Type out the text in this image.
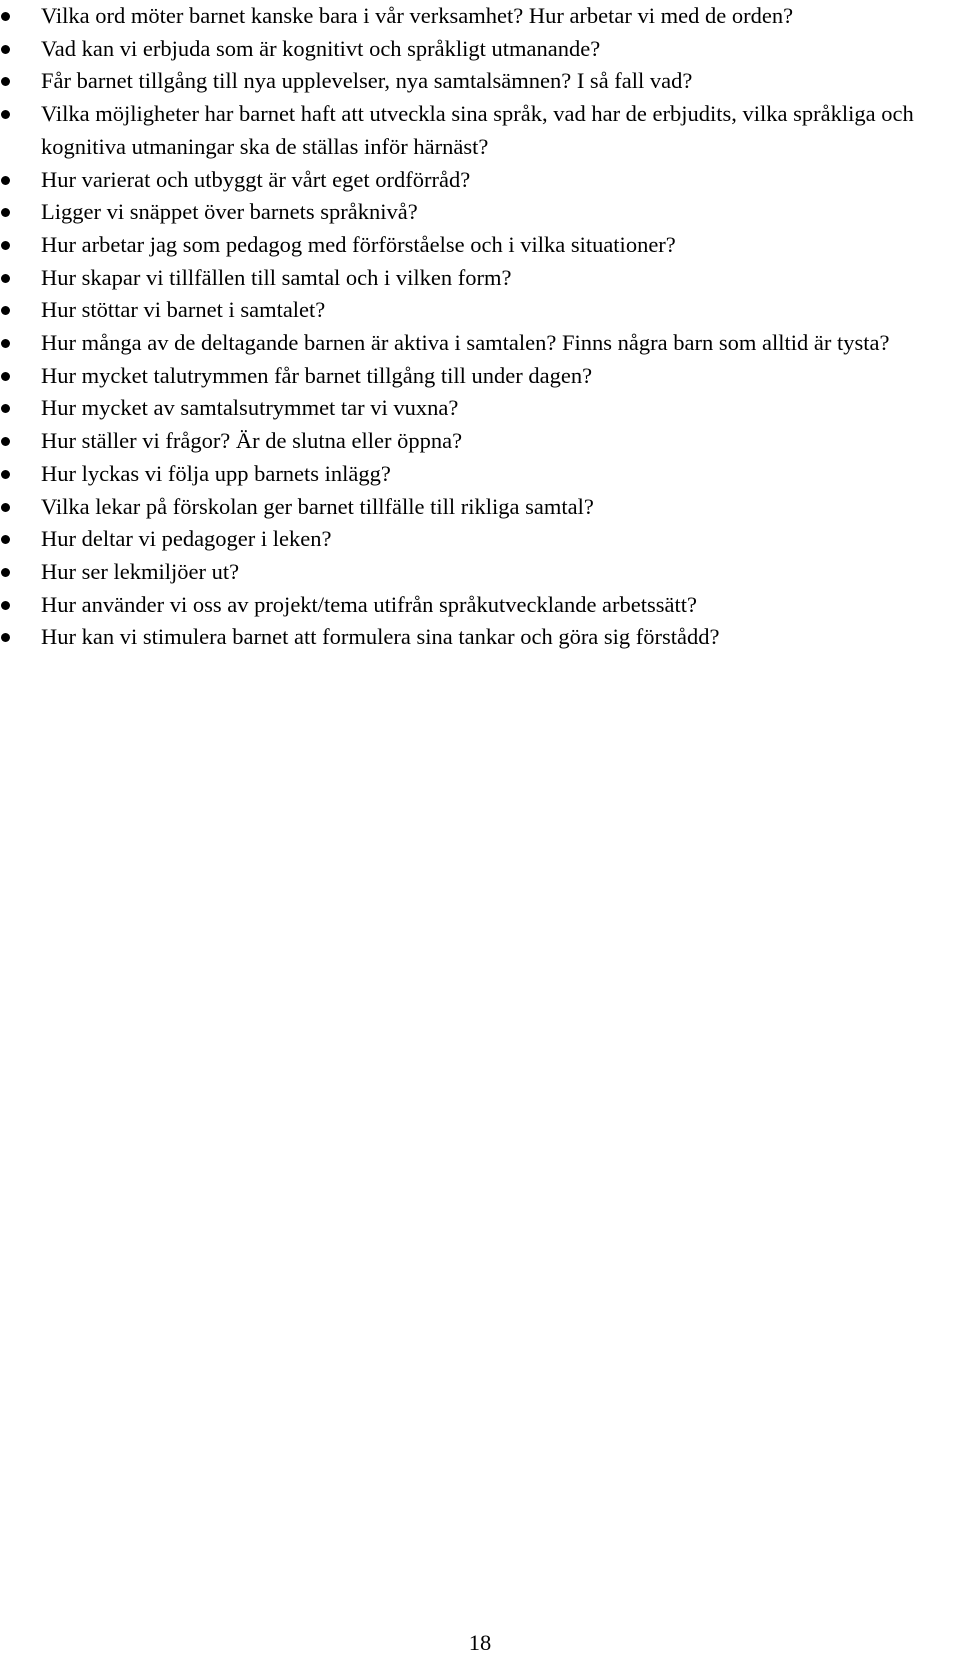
Vilka ord möter barnet kanske bara i vår verksamhet? Hur arbetar vi med de orden?
Vad kan vi erbjuda som är kognitivt och språkligt utmanande?
Får barnet tillgång till nya upplevelser, nya samtalsämnen? I så fall vad?
Vilka möjligheter har barnet haft att utveckla sina språk, vad har de erbjudits, vilka språkliga och kognitiva utmaningar ska de ställas inför härnäst?
Hur varierat och utbyggt är vårt eget ordförråd?
Ligger vi snäppet över barnets språknivå?
Hur arbetar jag som pedagog med förförståelse och i vilka situationer?
Hur skapar vi tillfällen till samtal och i vilken form?
Hur stöttar vi barnet i samtalet?
Hur många av de deltagande barnen är aktiva i samtalen? Finns några barn som alltid är tysta?
Hur mycket talutrymmen får barnet tillgång till under dagen?
Hur mycket av samtalsutrymmet tar vi vuxna?
Hur ställer vi frågor? Är de slutna eller öppna?
Hur lyckas vi följa upp barnets inlägg?
Vilka lekar på förskolan ger barnet tillfälle till rikliga samtal?
Hur deltar vi pedagoger i leken?
Hur ser lekmiljöer ut?
Hur använder vi oss av projekt/tema utifrån språkutvecklande arbetssätt?
Hur kan vi stimulera barnet att formulera sina tankar och göra sig förstådd?
18
